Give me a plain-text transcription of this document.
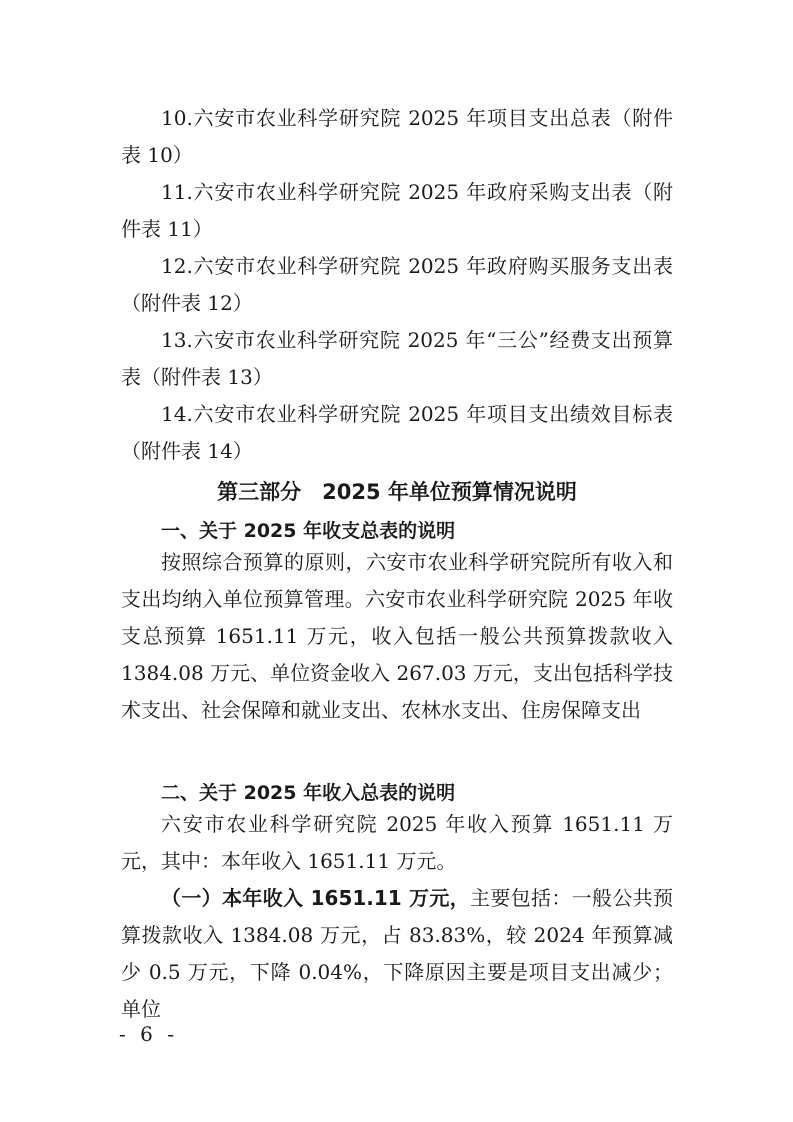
10.六安市农业科学研究院 2025 年项目支出总表（附件表 10）

11.六安市农业科学研究院 2025 年政府采购支出表（附件表 11）

12.六安市农业科学研究院 2025 年政府购买服务支出表（附件表 12）

13.六安市农业科学研究院 2025 年“三公”经费支出预算表（附件表 13）

14.六安市农业科学研究院 2025 年项目支出绩效目标表（附件表 14）

第三部分　2025 年单位预算情况说明

一、关于 2025 年收支总表的说明

按照综合预算的原则，六安市农业科学研究院所有收入和支出均纳入单位预算管理。六安市农业科学研究院 2025 年收支总预算 1651.11 万元，收入包括一般公共预算拨款收入 1384.08 万元、单位资金收入 267.03 万元，支出包括科学技术支出、社会保障和就业支出、农林水支出、住房保障支出

二、关于 2025 年收入总表的说明

六安市农业科学研究院 2025 年收入预算 1651.11 万元，其中：本年收入 1651.11 万元。

（一）本年收入 1651.11 万元，主要包括：一般公共预算拨款收入 1384.08 万元，占 83.83%，较 2024 年预算减少 0.5 万元，下降 0.04%，下降原因主要是项目支出减少；单位

- 6 -
